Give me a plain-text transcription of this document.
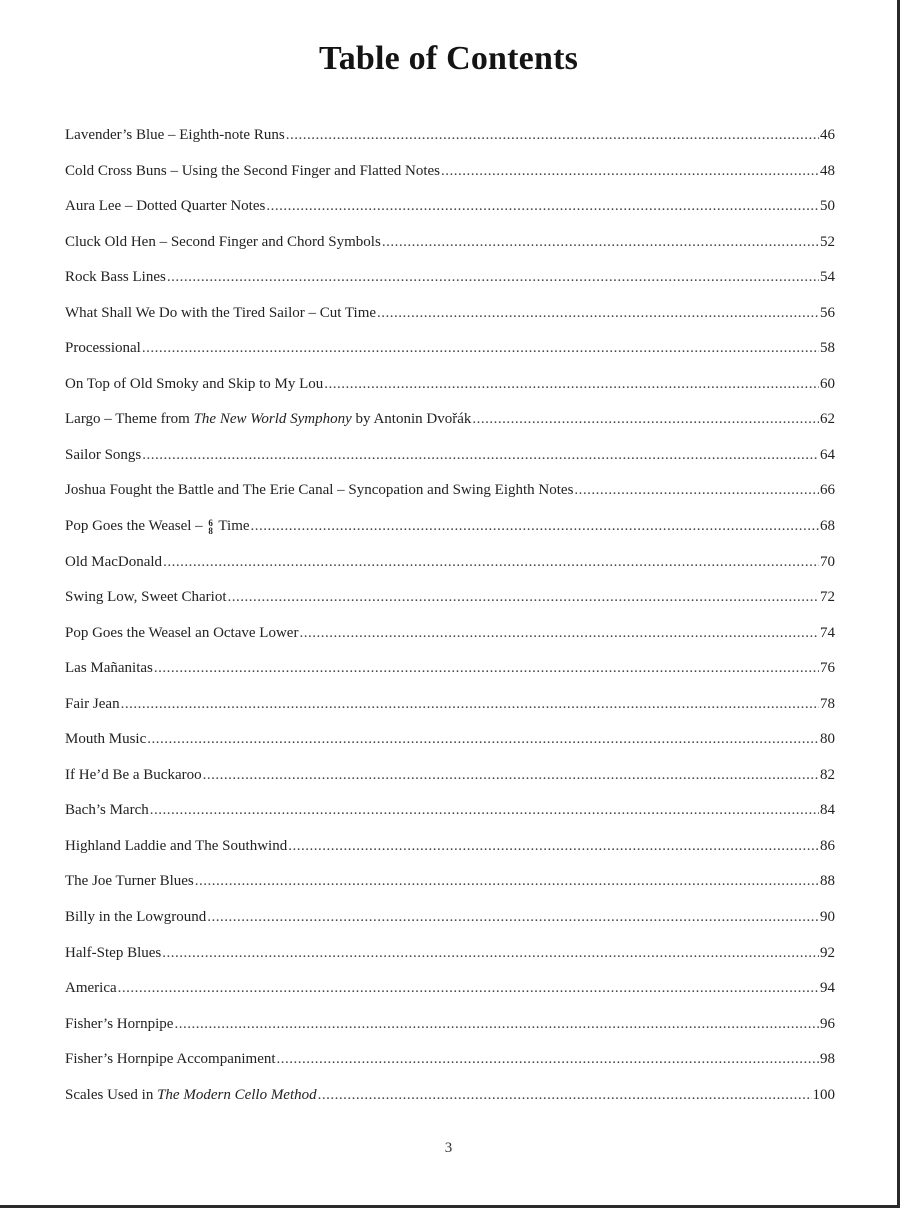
Table of Contents
Lavender’s Blue – Eighth-note Runs .....	46
Cold Cross Buns – Using the Second Finger and Flatted Notes .....	48
Aura Lee – Dotted Quarter Notes .....	50
Cluck Old Hen – Second Finger and Chord Symbols .....	52
Rock Bass Lines .....	54
What Shall We Do with the Tired Sailor – Cut Time .....	56
Processional .....	58
On Top of Old Smoky and Skip to My Lou .....	60
Largo – Theme from The New World Symphony by Antonin Dvořák .....	62
Sailor Songs .....	64
Joshua Fought the Battle and The Erie Canal – Syncopation and Swing Eighth Notes .....	66
Pop Goes the Weasel – 6
8 Time .....	68
Old MacDonald .....	70
Swing Low, Sweet Chariot .....	72
Pop Goes the Weasel an Octave Lower .....	74
Las Mañanitas .....	76
Fair Jean .....	78
Mouth Music .....	80
If He’d Be a Buckaroo .....	82
Bach’s March .....	84
Highland Laddie and The Southwind .....	86
The Joe Turner Blues .....	88
Billy in the Lowground .....	90
Half-Step Blues .....	92
America .....	94
Fisher’s Hornpipe .....	96
Fisher’s Hornpipe Accompaniment .....	98
Scales Used in The Modern Cello Method .....	100
3
